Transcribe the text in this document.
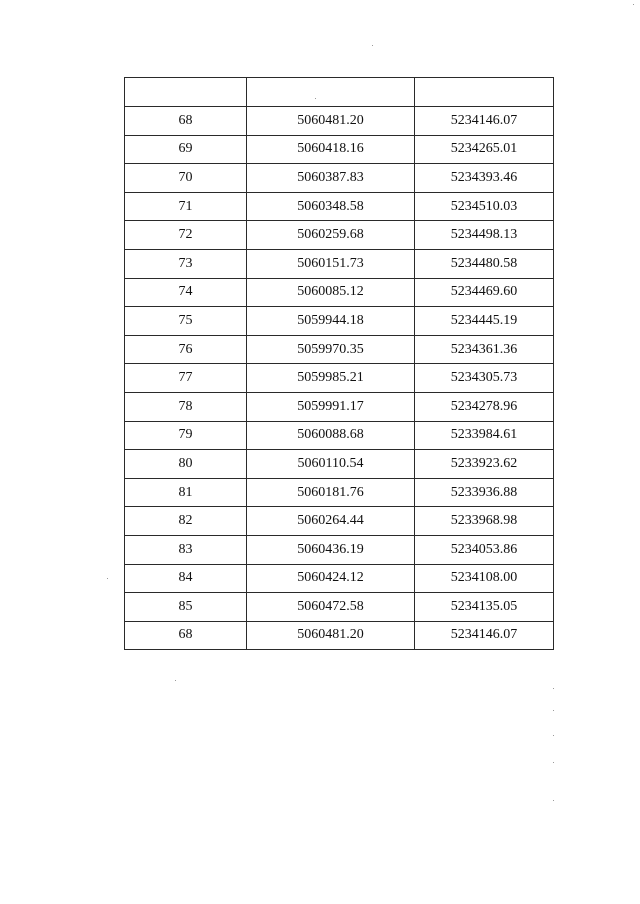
68	5060481.20	5234146.07
69	5060418.16	5234265.01
70	5060387.83	5234393.46
71	5060348.58	5234510.03
72	5060259.68	5234498.13
73	5060151.73	5234480.58
74	5060085.12	5234469.60
75	5059944.18	5234445.19
76	5059970.35	5234361.36
77	5059985.21	5234305.73
78	5059991.17	5234278.96
79	5060088.68	5233984.61
80	5060110.54	5233923.62
81	5060181.76	5233936.88
82	5060264.44	5233968.98
83	5060436.19	5234053.86
84	5060424.12	5234108.00
85	5060472.58	5234135.05
68	5060481.20	5234146.07
